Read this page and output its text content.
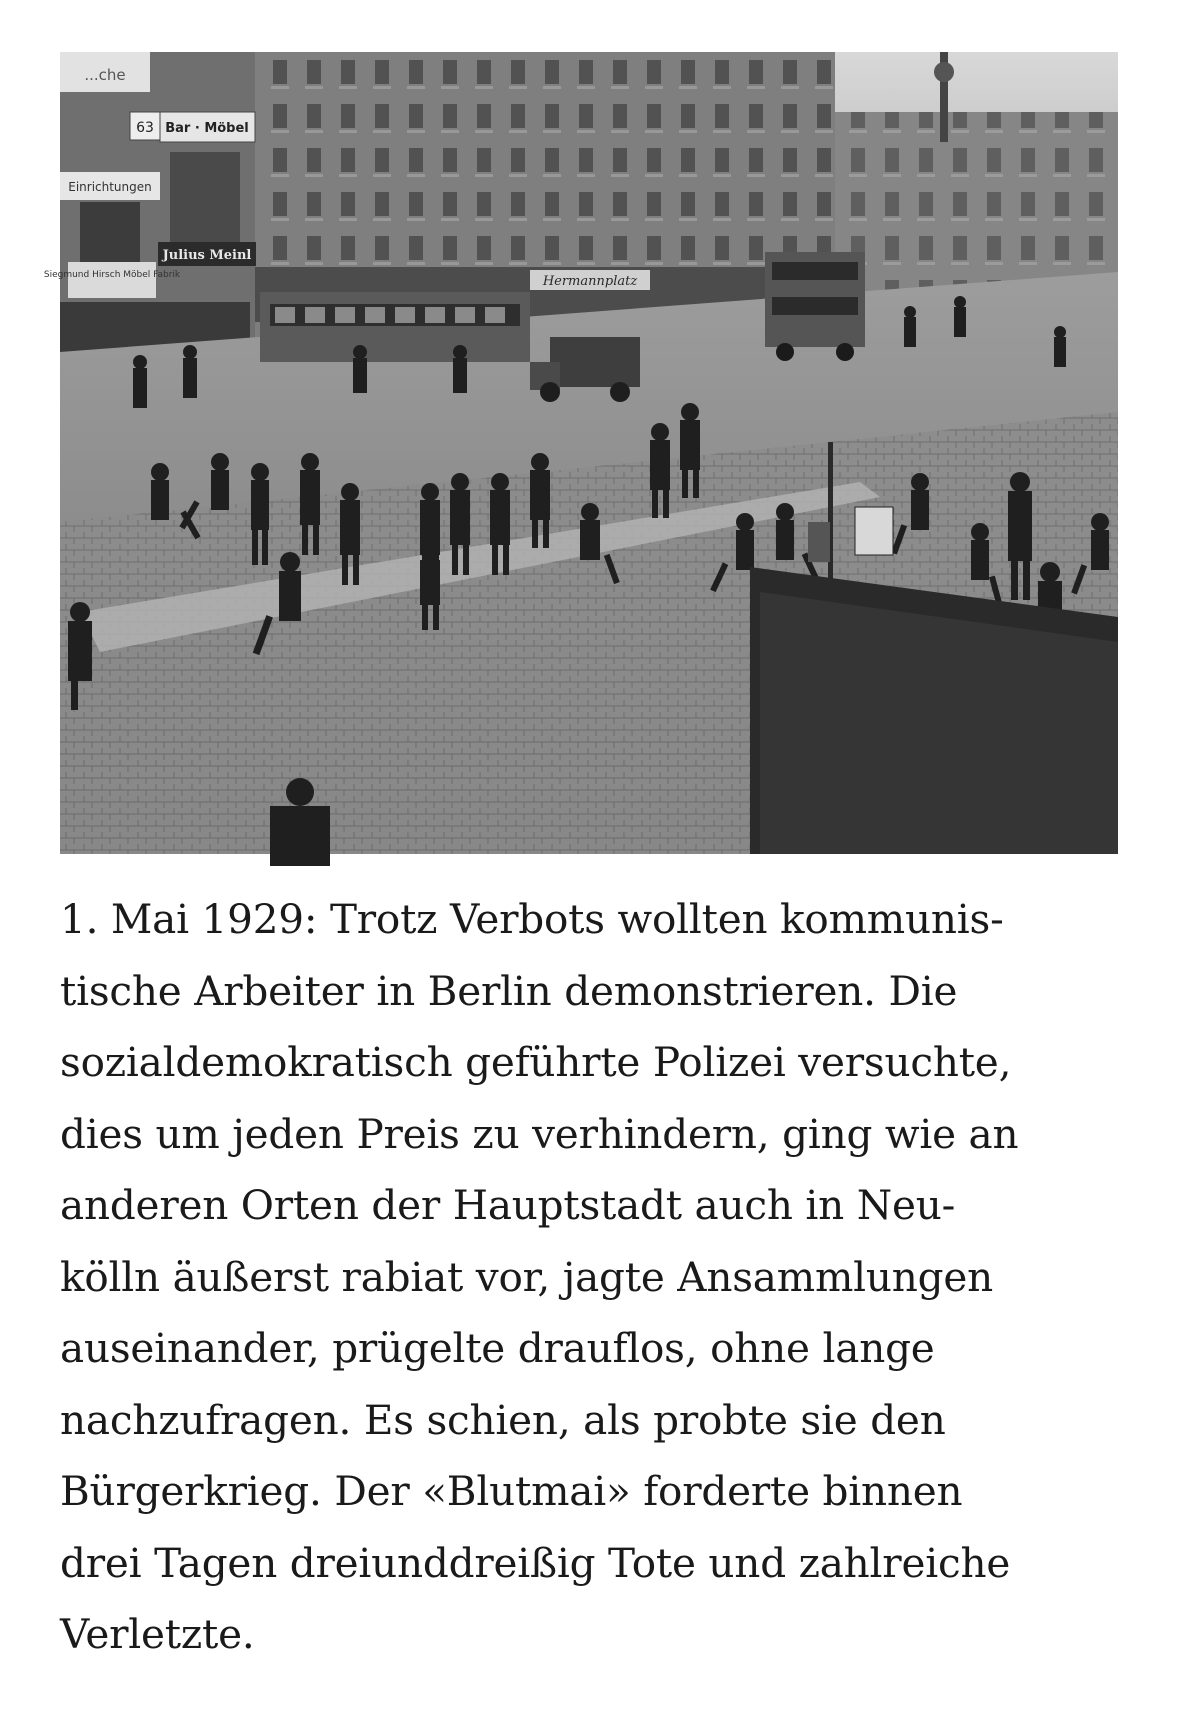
Hermannplatz
...che
63 Bar · Möbel
Einrichtungen
Julius Meinl
Siegmund Hirsch Möbel Fabrik

1. Mai 1929: Trotz Verbots wollten kommunis-
tische Arbeiter in Berlin demonstrieren. Die
sozialdemokratisch geführte Polizei versuchte,
dies um jeden Preis zu verhindern, ging wie an
anderen Orten der Hauptstadt auch in Neu-
kölln äußerst rabiat vor, jagte Ansammlungen
auseinander, prügelte drauflos, ohne lange
nachzufragen. Es schien, als probte sie den
Bürgerkrieg. Der «Blutmai» forderte binnen
drei Tagen dreiunddreißig Tote und zahlreiche
Verletzte.
